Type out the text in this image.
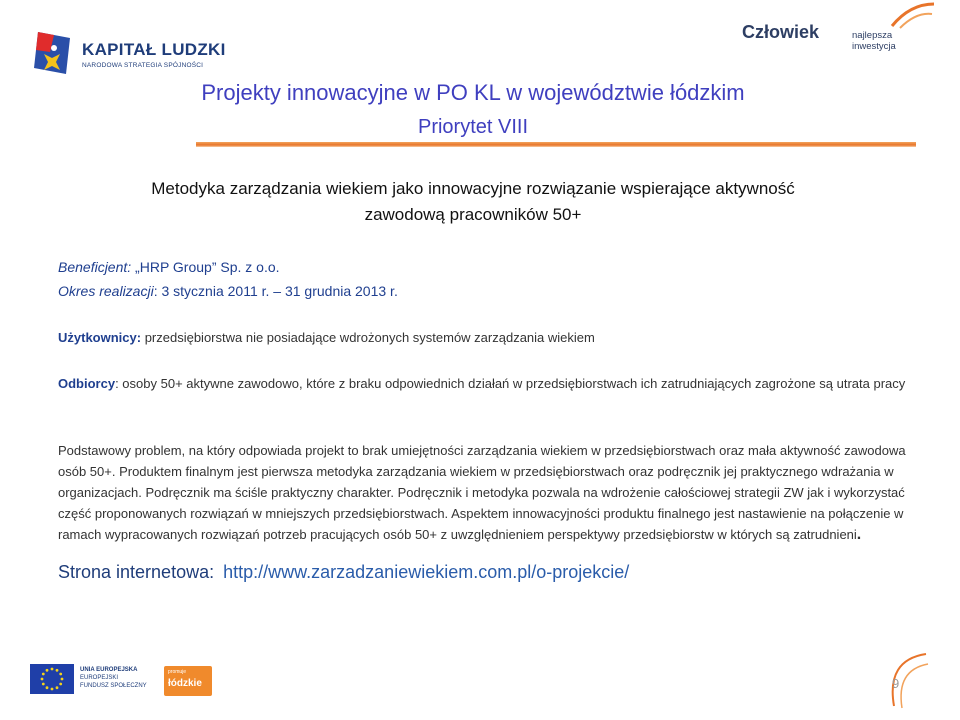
KAPITAŁ LUDZKI
NARODOWA STRATEGIA SPÓJNOŚCI
Człowiek	najlepsza inwestycja
Projekty innowacyjne w PO KL w województwie łódzkim
Priorytet VIII
Metodyka zarządzania wiekiem jako innowacyjne rozwiązanie wspierające aktywność
zawodową pracowników 50+
Beneficjent: „HRP Group” Sp. z o.o.
Okres realizacji: 3 stycznia 2011 r. – 31 grudnia 2013 r.
Użytkownicy: przedsiębiorstwa nie posiadające wdrożonych systemów zarządzania wiekiem
Odbiorcy: osoby 50+ aktywne zawodowo, które z braku odpowiednich działań w przedsiębiorstwach ich zatrudniających zagrożone są utrata pracy
Podstawowy problem, na który odpowiada projekt to brak umiejętności zarządzania wiekiem w przedsiębiorstwach oraz mała aktywność zawodowa osób 50+. Produktem finalnym jest pierwsza metodyka zarządzania wiekiem w przedsiębiorstwach oraz podręcznik jej praktycznego wdrażania w organizacjach. Podręcznik ma ściśle praktyczny charakter. Podręcznik i metodyka pozwala na wdrożenie całościowej strategii ZW jak i wykorzystać część proponowanych rozwiązań w mniejszych przedsiębiorstwach. Aspektem innowacyjności produktu finalnego jest nastawienie na połączenie w ramach wypracowanych rozwiązań potrzeb pracujących osób 50+ z uwzględnieniem perspektywy przedsiębiorstw w których są zatrudnieni.
Strona internetowa: http://www.zarzadzaniewiekiem.com.pl/o-projekcie/
UNIA EUROPEJSKA
EUROPEJSKI
FUNDUSZ SPOŁECZNY
promuje
łódzkie	9
